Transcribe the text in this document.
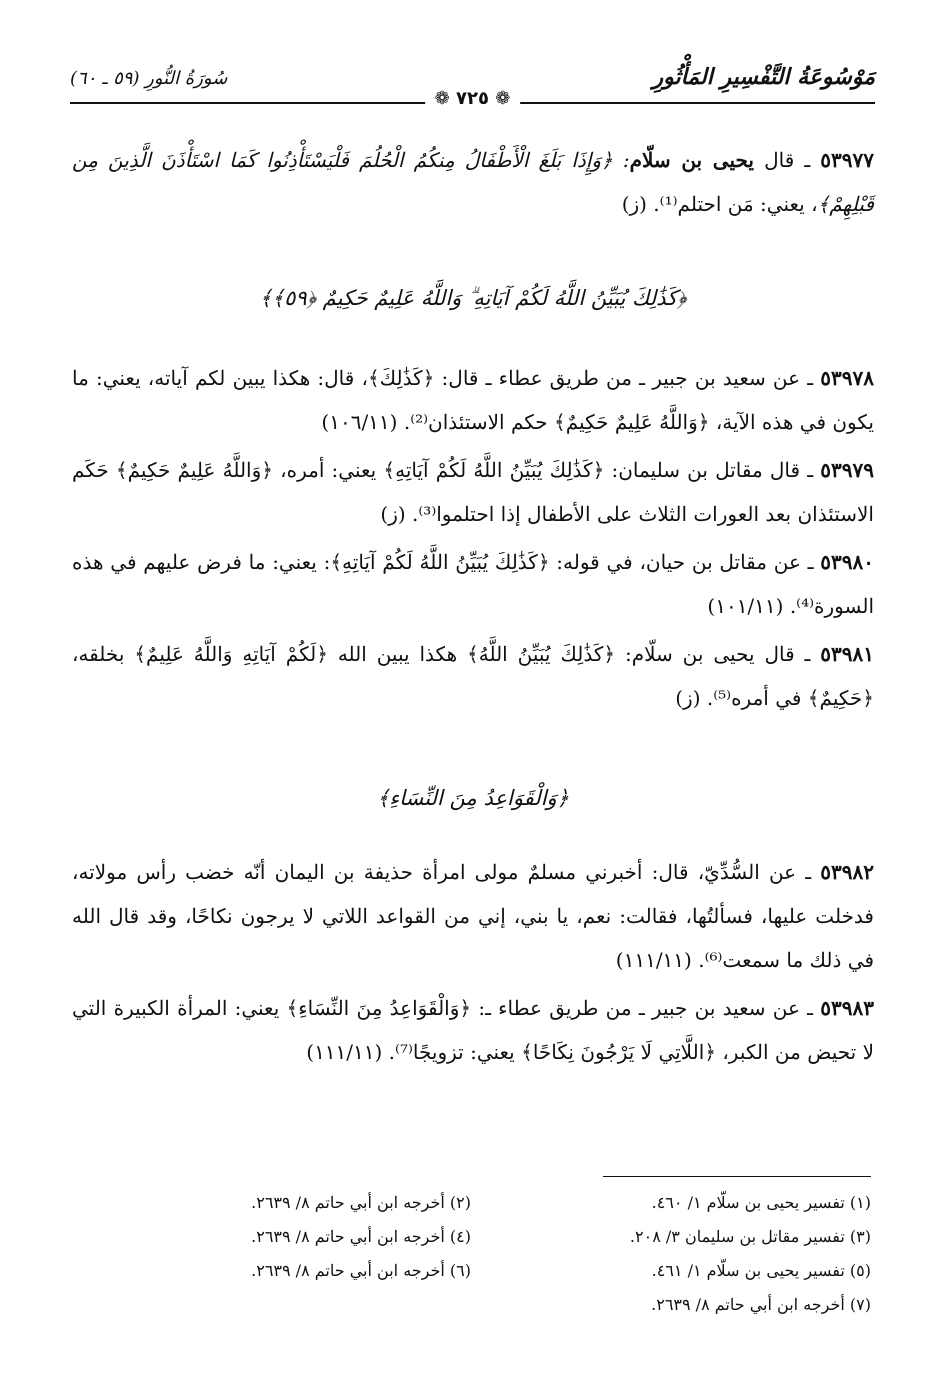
مَوْسُوعَةُ التَّفْسِيرِ المَأْثُورِ
سُورَةُ النُّورِ (٥٩ ـ ٦٠)
❁ ٧٢٥ ❁

٥٣٩٧٧ ـ قال يحيى بن سلّام: ﴿وَإِذَا بَلَغَ الْأَطْفَالُ مِنكُمُ الْحُلُمَ فَلْيَسْتَأْذِنُوا كَمَا اسْتَأْذَنَ الَّذِينَ مِن قَبْلِهِمْ﴾، يعني: مَن احتلم⁽¹⁾. (ز)

﴿كَذَٰلِكَ يُبَيِّنُ اللَّهُ لَكُمْ آيَاتِهِ ۗ وَاللَّهُ عَلِيمٌ حَكِيمٌ ﴿٥٩﴾﴾

٥٣٩٧٨ ـ عن سعيد بن جبير ـ من طريق عطاء ـ قال: ﴿كَذَٰلِكَ﴾، قال: هكذا يبين لكم آياته، يعني: ما يكون في هذه الآية، ﴿وَاللَّهُ عَلِيمٌ حَكِيمٌ﴾ حكم الاستئذان⁽²⁾. (١٠٦/١١)

٥٣٩٧٩ ـ قال مقاتل بن سليمان: ﴿كَذَٰلِكَ يُبَيِّنُ اللَّهُ لَكُمْ آيَاتِهِ﴾ يعني: أمره، ﴿وَاللَّهُ عَلِيمٌ حَكِيمٌ﴾ حَكَم الاستئذان بعد العورات الثلاث على الأطفال إذا احتلموا⁽³⁾. (ز)

٥٣٩٨٠ ـ عن مقاتل بن حيان، في قوله: ﴿كَذَٰلِكَ يُبَيِّنُ اللَّهُ لَكُمْ آيَاتِهِ﴾: يعني: ما فرض عليهم في هذه السورة⁽⁴⁾. (١٠١/١١)

٥٣٩٨١ ـ قال يحيى بن سلّام: ﴿كَذَٰلِكَ يُبَيِّنُ اللَّهُ﴾ هكذا يبين الله ﴿لَكُمْ آيَاتِهِ وَاللَّهُ عَلِيمٌ﴾ بخلقه، ﴿حَكِيمٌ﴾ في أمره⁽⁵⁾. (ز)

﴿وَالْقَوَاعِدُ مِنَ النِّسَاءِ﴾

٥٣٩٨٢ ـ عن السُّدِّيّ، قال: أخبرني مسلمٌ مولى امرأة حذيفة بن اليمان أنّه خضب رأس مولاته، فدخلت عليها، فسألتُها، فقالت: نعم، يا بني، إني من القواعد اللاتي لا يرجون نكاحًا، وقد قال الله في ذلك ما سمعت⁽⁶⁾. (١١١/١١)

٥٣٩٨٣ ـ عن سعيد بن جبير ـ من طريق عطاء ـ: ﴿وَالْقَوَاعِدُ مِنَ النِّسَاءِ﴾ يعني: المرأة الكبيرة التي لا تحيض من الكبر، ﴿اللَّاتِي لَا يَرْجُونَ نِكَاحًا﴾ يعني: تزويجًا⁽⁷⁾. (١١١/١١)

(١) تفسير يحيى بن سلّام ١/ ٤٦٠.
(٢) أخرجه ابن أبي حاتم ٨/ ٢٦٣٩.
(٣) تفسير مقاتل بن سليمان ٣/ ٢٠٨.
(٤) أخرجه ابن أبي حاتم ٨/ ٢٦٣٩.
(٥) تفسير يحيى بن سلّام ١/ ٤٦١.
(٦) أخرجه ابن أبي حاتم ٨/ ٢٦٣٩.
(٧) أخرجه ابن أبي حاتم ٨/ ٢٦٣٩.
